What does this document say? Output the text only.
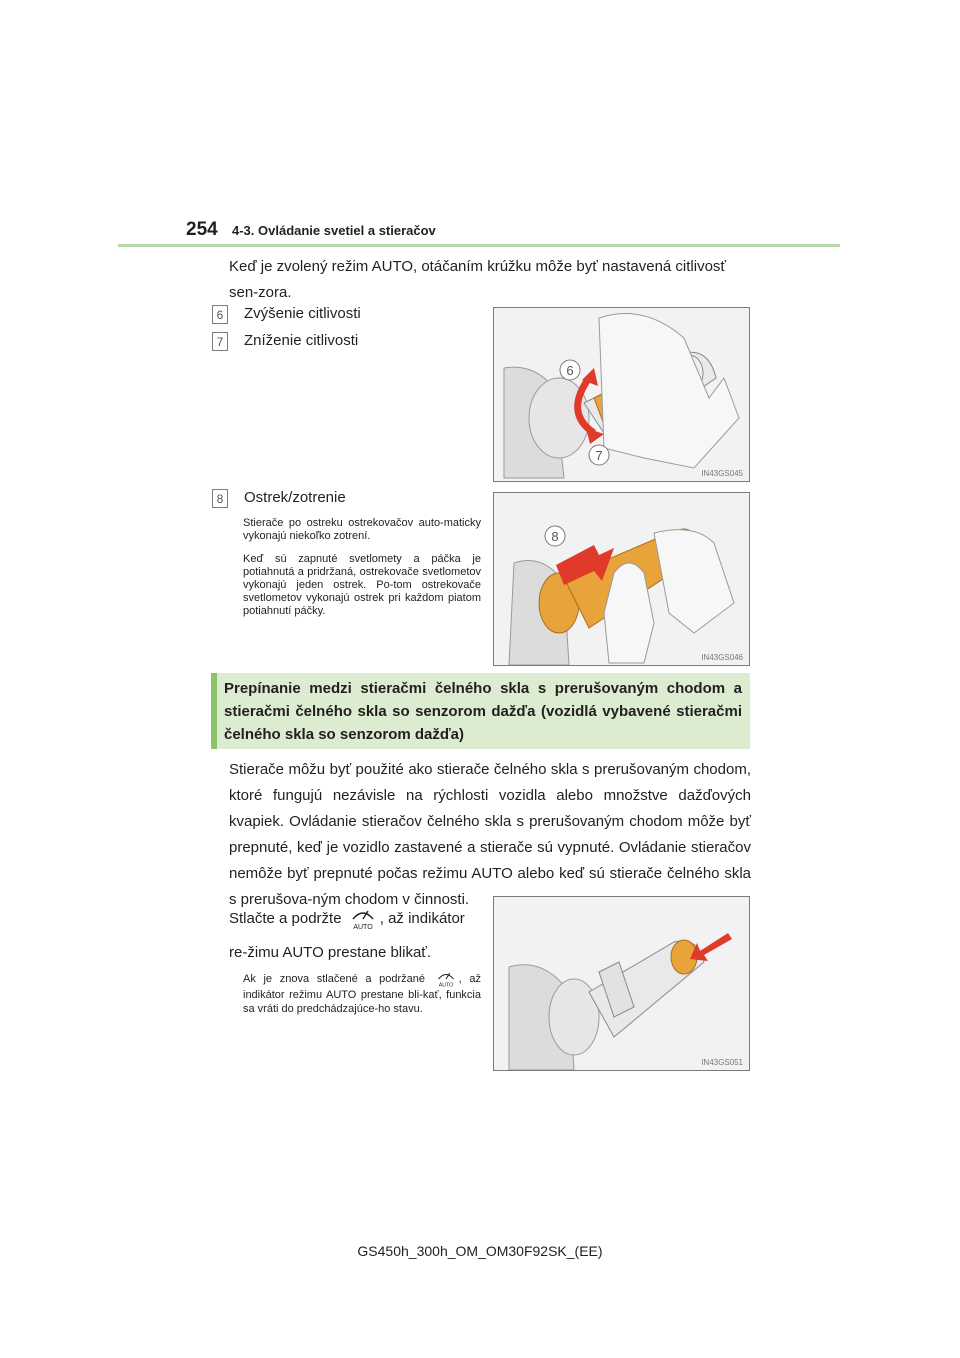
254 4-3. Ovládanie svetiel a stieračov
Keď je zvolený režim AUTO, otáčaním krúžku môže byť nastavená citlivosť sen-zora.
6	Zvýšenie citlivosti
7	Zníženie citlivosti
6
7
IN43GS045
8	Ostrek/zotrenie
Stierače po ostreku ostrekovačov auto-maticky vykonajú niekoľko zotrení.
Keď sú zapnuté svetlomety a páčka je potiahnutá a pridržaná, ostrekovače svetlometov vykonajú jeden ostrek. Po-tom ostrekovače svetlometov vykonajú ostrek pri každom piatom potiahnutí páčky.
8
IN43GS046
Prepínanie medzi stieračmi čelného skla s prerušovaným chodom a stieračmi čelného skla so senzorom dažďa (vozidlá vybavené stieračmi čelného skla so senzorom dažďa)
Stierače môžu byť použité ako stierače čelného skla s prerušovaným chodom, ktoré fungujú nezávisle na rýchlosti vozidla alebo množstve dažďových kvapiek. Ovládanie stieračov čelného skla s prerušovaným chodom môže byť prepnuté, keď je vozidlo zastavené a stierače sú vypnuté. Ovládanie stieračov nemôže byť prepnuté počas režimu AUTO alebo keď sú stierače čelného skla s prerušova-ným chodom v činnosti.
Stlačte a podržte
AUTO
, až indikátor re-žimu AUTO prestane blikať.
Ak je znova stlačené a podržané
AUTO
, až indikátor režimu AUTO prestane bli-kať, funkcia sa vráti do predchádzajúce-ho stavu.
IN43GS051
GS450h_300h_OM_OM30F92SK_(EE)
